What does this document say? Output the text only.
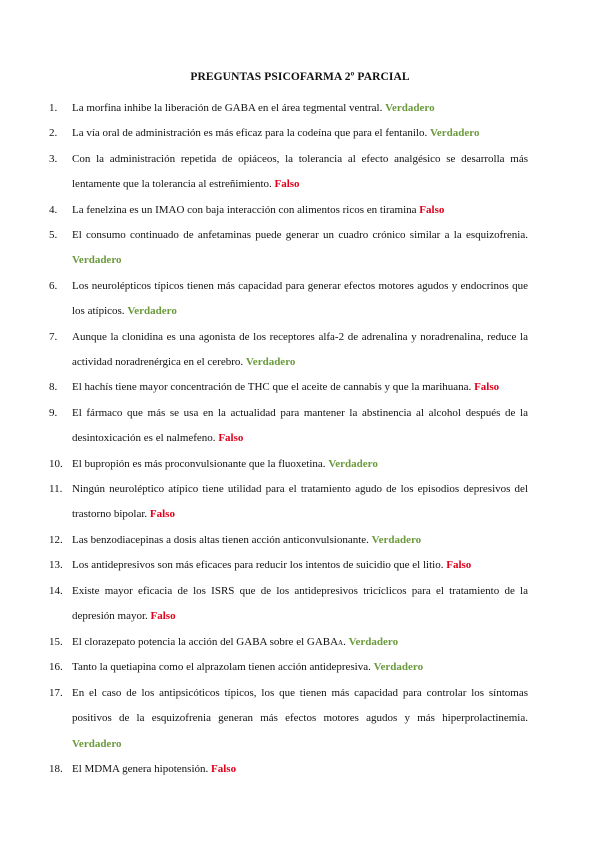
PREGUNTAS PSICOFARMA 2º PARCIAL
1.	La morfina inhibe la liberación de GABA en el área tegmental ventral. Verdadero
2.	La vía oral de administración es más eficaz para la codeína que para el fentanilo. Verdadero
3.	Con la administración repetida de opiáceos, la tolerancia al efecto analgésico se desarrolla más lentamente que la tolerancia al estreñimiento. Falso
4.	La fenelzina es un IMAO con baja interacción con alimentos ricos en tiramina Falso
5.	El consumo continuado de anfetaminas puede generar un cuadro crónico similar a la esquizofrenia. Verdadero
6.	Los neurolépticos típicos tienen más capacidad para generar efectos motores agudos y endocrinos que los atípicos. Verdadero
7.	Aunque la clonidina es una agonista de los receptores alfa-2 de adrenalina y noradrenalina, reduce la actividad noradrenérgica en el cerebro. Verdadero
8.	El hachís tiene mayor concentración de THC que el aceite de cannabis y que la marihuana. Falso
9.	El fármaco que más se usa en la actualidad para mantener la abstinencia al alcohol después de la desintoxicación es el nalmefeno. Falso
10. El bupropión es más proconvulsionante que la fluoxetina. Verdadero
11. Ningún neuroléptico atípico tiene utilidad para el tratamiento agudo de los episodios depresivos del trastorno bipolar. Falso
12. Las benzodiacepinas a dosis altas tienen acción anticonvulsionante. Verdadero
13. Los antidepresivos son más eficaces para reducir los intentos de suicidio que el litio. Falso
14. Existe mayor eficacia de los ISRS que de los antidepresivos tricíclicos para el tratamiento de la depresión mayor. Falso
15. El clorazepato potencia la acción del GABA sobre el GABAA. Verdadero
16. Tanto la quetiapina como el alprazolam tienen acción antidepresiva. Verdadero
17. En el caso de los antipsicóticos típicos, los que tienen más capacidad para controlar los síntomas positivos de la esquizofrenia generan más efectos motores agudos y más hiperprolactinemia. Verdadero
18. El MDMA genera hipotensión. Falso
